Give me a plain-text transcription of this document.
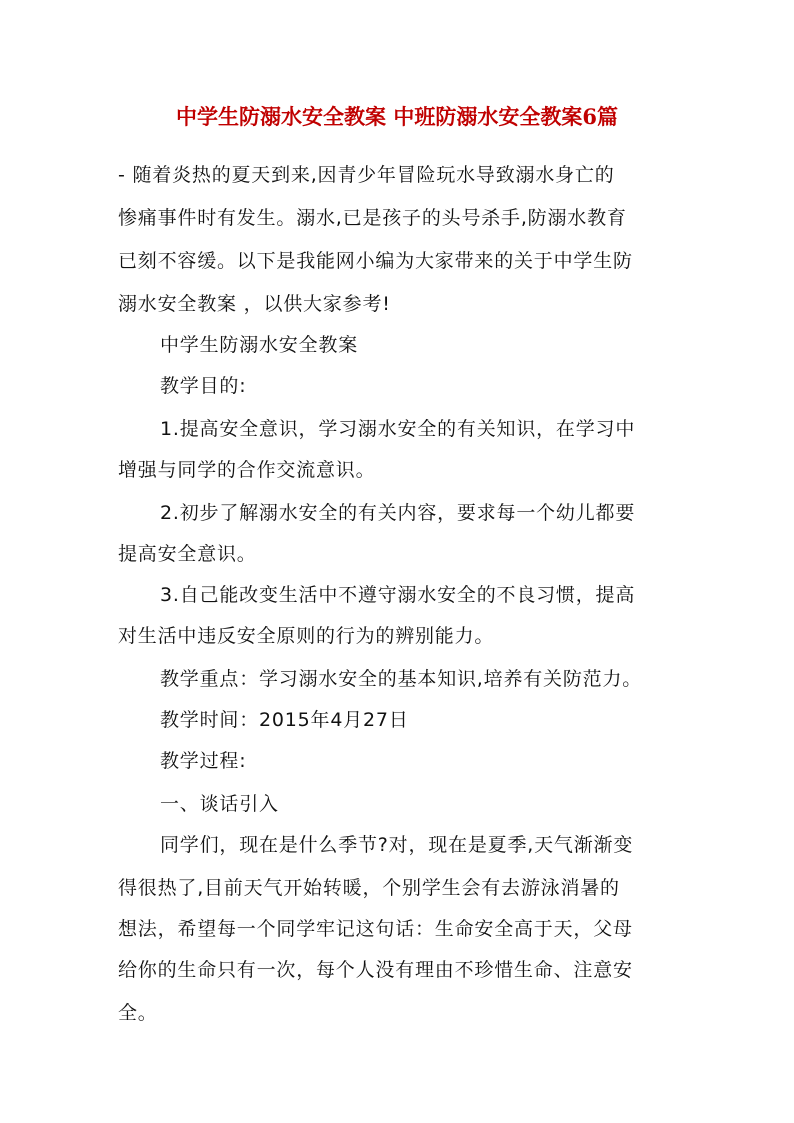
中学生防溺水安全教案 中班防溺水安全教案6篇
- 随着炎热的夏天到来,因青少年冒险玩水导致溺水身亡的
惨痛事件时有发生。溺水,已是孩子的头号杀手,防溺水教育
已刻不容缓。以下是我能网小编为大家带来的关于中学生防
溺水安全教案 ，以供大家参考!
中学生防溺水安全教案
教学目的:
1.提高安全意识，学习溺水安全的有关知识，在学习中
增强与同学的合作交流意识。
2.初步了解溺水安全的有关内容，要求每一个幼儿都要
提高安全意识。
3.自己能改变生活中不遵守溺水安全的不良习惯，提高
对生活中违反安全原则的行为的辨别能力。
教学重点：学习溺水安全的基本知识,培养有关防范力。
教学时间：2015年4月27日
教学过程:
一、谈话引入
同学们，现在是什么季节?对，现在是夏季,天气渐渐变
得很热了,目前天气开始转暖，个别学生会有去游泳消暑的
想法，希望每一个同学牢记这句话：生命安全高于天，父母
给你的生命只有一次，每个人没有理由不珍惜生命、注意安
全。
